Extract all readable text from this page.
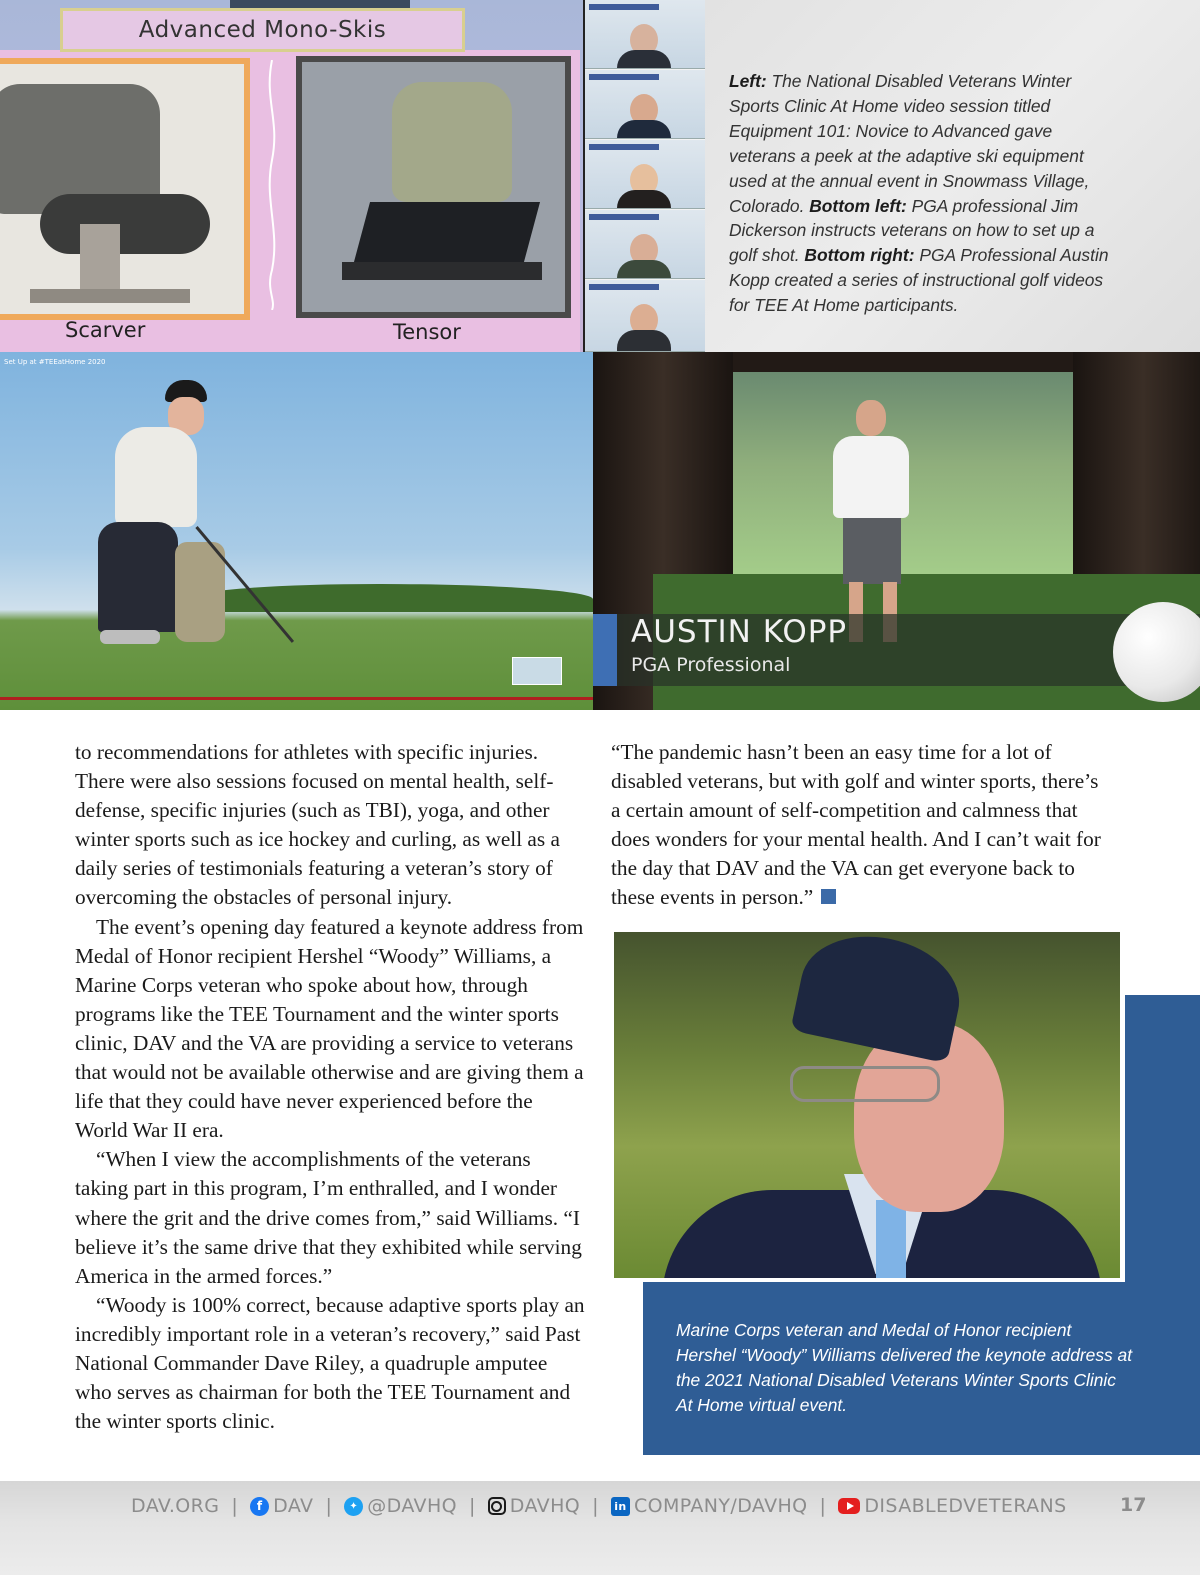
Advanced Mono-Skis
Scarver	Tensor

Left: The National Disabled Veterans Winter Sports Clinic At Home video session titled Equipment 101: Novice to Advanced gave veterans a peek at the adaptive ski equipment used at the annual event in Snowmass Village, Colorado. Bottom left: PGA professional Jim Dickerson instructs veterans on how to set up a golf shot. Bottom right: PGA Professional Austin Kopp created a series of instructional golf videos for TEE At Home participants.

Set Up at #TEEatHome 2020
AUSTIN KOPP
PGA Professional

to recommendations for athletes with specific injuries. There were also sessions focused on mental health, self-defense, specific injuries (such as TBI), yoga, and other winter sports such as ice hockey and curling, as well as a daily series of testimonials featuring a veteran’s story of overcoming the obstacles of personal injury.

The event’s opening day featured a keynote address from Medal of Honor recipient Hershel “Woody” Williams, a Marine Corps veteran who spoke about how, through programs like the TEE Tournament and the winter sports clinic, DAV and the VA are providing a service to veterans that would not be available otherwise and are giving them a life that they could have never experienced before the World War II era.

“When I view the accomplishments of the veterans taking part in this program, I’m enthralled, and I wonder where the grit and the drive comes from,” said Williams. “I believe it’s the same drive that they exhibited while serving America in the armed forces.”

“Woody is 100% correct, because adaptive sports play an incredibly important role in a veteran’s recovery,” said Past National Commander Dave Riley, a quadruple amputee who serves as chairman for both the TEE Tournament and the winter sports clinic.

“The pandemic hasn’t been an easy time for a lot of disabled veterans, but with golf and winter sports, there’s a certain amount of self-competition and calmness that does wonders for your mental health. And I can’t wait for the day that DAV and the VA can get everyone back to these events in person.”

Marine Corps veteran and Medal of Honor recipient Hershel “Woody” Williams delivered the keynote address at the 2021 National Disabled Veterans Winter Sports Clinic At Home virtual event.

DAV.ORG |	f DAV |	✦ @DAVHQ | DAVHQ | in COMPANY/DAVHQ | DISABLEDVETERANS	17
